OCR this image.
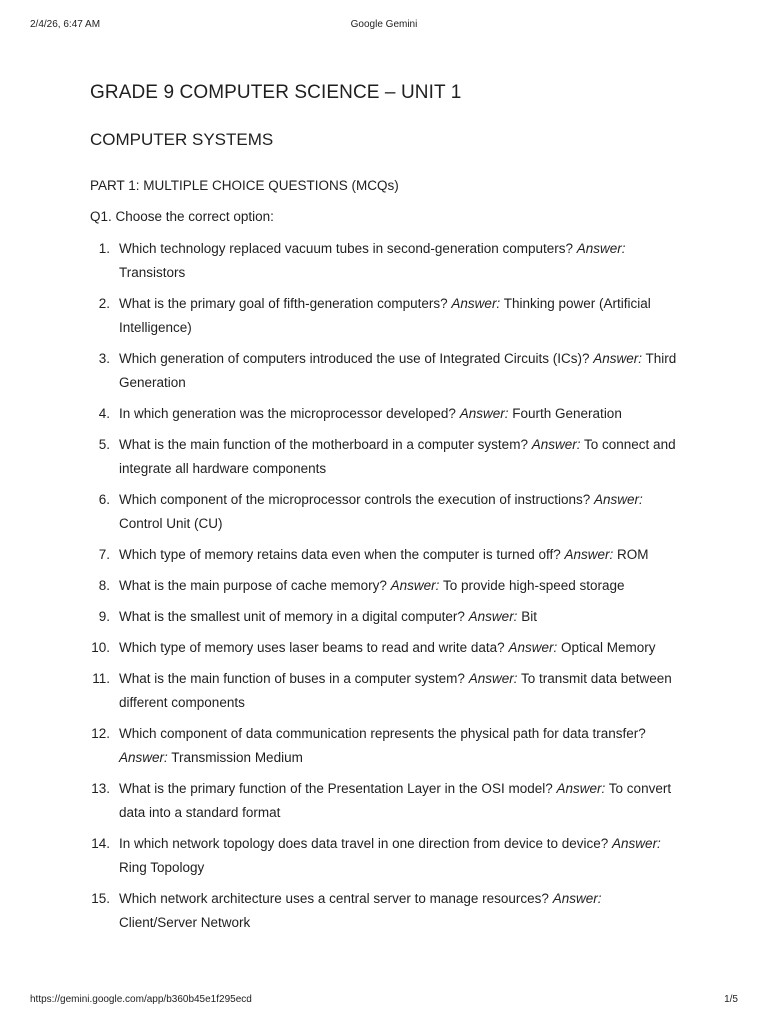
2/4/26, 6:47 AM	Google Gemini
GRADE 9 COMPUTER SCIENCE – UNIT 1
COMPUTER SYSTEMS
PART 1: MULTIPLE CHOICE QUESTIONS (MCQs)

Q1. Choose the correct option:

1. Which technology replaced vacuum tubes in second-generation computers? Answer: Transistors
2. What is the primary goal of fifth-generation computers? Answer: Thinking power (Artificial Intelligence)
3. Which generation of computers introduced the use of Integrated Circuits (ICs)? Answer: Third Generation
4. In which generation was the microprocessor developed? Answer: Fourth Generation
5. What is the main function of the motherboard in a computer system? Answer: To connect and integrate all hardware components
6. Which component of the microprocessor controls the execution of instructions? Answer: Control Unit (CU)
7. Which type of memory retains data even when the computer is turned off? Answer: ROM
8. What is the main purpose of cache memory? Answer: To provide high-speed storage
9. What is the smallest unit of memory in a digital computer? Answer: Bit
10. Which type of memory uses laser beams to read and write data? Answer: Optical Memory
11. What is the main function of buses in a computer system? Answer: To transmit data between different components
12. Which component of data communication represents the physical path for data transfer? Answer: Transmission Medium
13. What is the primary function of the Presentation Layer in the OSI model? Answer: To convert data into a standard format
14. In which network topology does data travel in one direction from device to device? Answer: Ring Topology
15. Which network architecture uses a central server to manage resources? Answer: Client/Server Network
https://gemini.google.com/app/b360b45e1f295ecd	1/5
